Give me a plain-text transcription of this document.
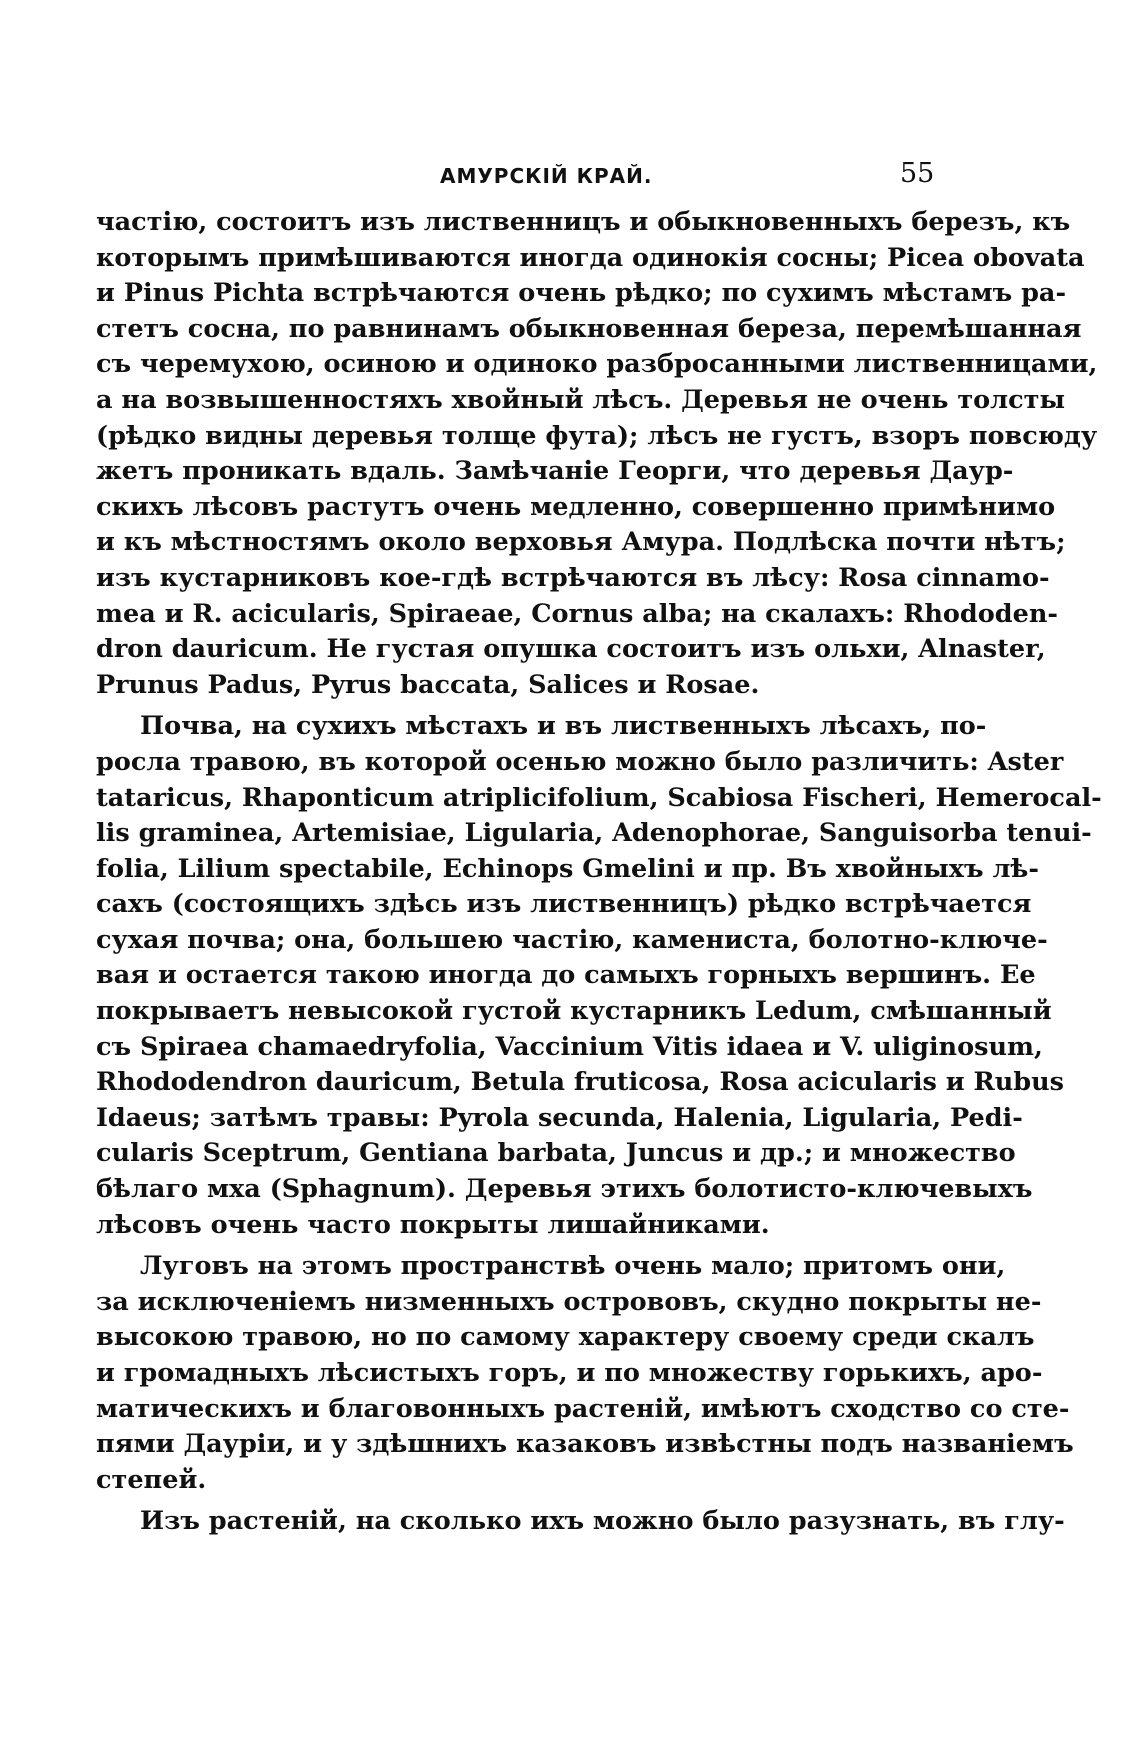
АМУРСКІЙ КРАЙ.	55
частію, состоитъ изъ лиственницъ и обыкновенныхъ березъ, къ
которымъ примѣшиваются иногда одинокія сосны; Picea obovata
и Pinus Pichta встрѣчаются очень рѣдко; по сухимъ мѣстамъ ра-
стетъ сосна, по равнинамъ обыкновенная береза, перемѣшанная
съ черемухою, осиною и одиноко разбросанными лиственницами,
а на возвышенностяхъ хвойный лѣсъ. Деревья не очень толсты
(рѣдко видны деревья толще фута); лѣсъ не густъ, взоръ повсюду
жетъ проникать вдаль. Замѣчаніе Георги, что деревья Даур-
скихъ лѣсовъ растутъ очень медленно, совершенно примѣнимо
и къ мѣстностямъ около верховья Амура. Подлѣска почти нѣтъ;
изъ кустарниковъ кое-гдѣ встрѣчаются въ лѣсу: Rosa cinnamo-
mea и R. acicularis, Spiraeae, Cornus alba; на скалахъ: Rhododen-
dron dauricum. Не густая опушка состоитъ изъ ольхи, Alnaster,
Prunus Padus, Pyrus baccata, Salices и Rosae.
Почва, на сухихъ мѣстахъ и въ лиственныхъ лѣсахъ, по-
росла травою, въ которой осенью можно было различить: Aster
tataricus, Rhaponticum atriplicifolium, Scabiosa Fischeri, Hemerocal-
lis graminea, Artemisiae, Ligularia, Adenophorae, Sanguisorba tenui-
folia, Lilium spectabile, Echinops Gmelini и пр. Въ хвойныхъ лѣ-
сахъ (состоящихъ здѣсь изъ лиственницъ) рѣдко встрѣчается
сухая почва; она, большею частію, камениста, болотно-ключе-
вая и остается такою иногда до самыхъ горныхъ вершинъ. Ее
покрываетъ невысокой густой кустарникъ Ledum, смѣшанный
съ Spiraea chamaedryfolia, Vaccinium Vitis idaea и V. uliginosum,
Rhododendron dauricum, Betula fruticosa, Rosa acicularis и Rubus
Idaeus; затѣмъ травы: Pyrola secunda, Halenia, Ligularia, Pedi-
cularis Sceptrum, Gentiana barbata, Juncus и др.; и множество
бѣлаго мха (Sphagnum). Деревья этихъ болотисто-ключевыхъ
лѣсовъ очень часто покрыты лишайниками.
Луговъ на этомъ пространствѣ очень мало; притомъ они,
за исключеніемъ низменныхъ острововъ, скудно покрыты не-
высокою травою, но по самому характеру своему среди скалъ
и громадныхъ лѣсистыхъ горъ, и по множеству горькихъ, аро-
матическихъ и благовонныхъ растеній, имѣютъ сходство со сте-
пями Даурiи, и у здѣшнихъ казаковъ извѣстны подъ названіемъ
степей.
Изъ растеній, на сколько ихъ можно было разузнать, въ глу-
